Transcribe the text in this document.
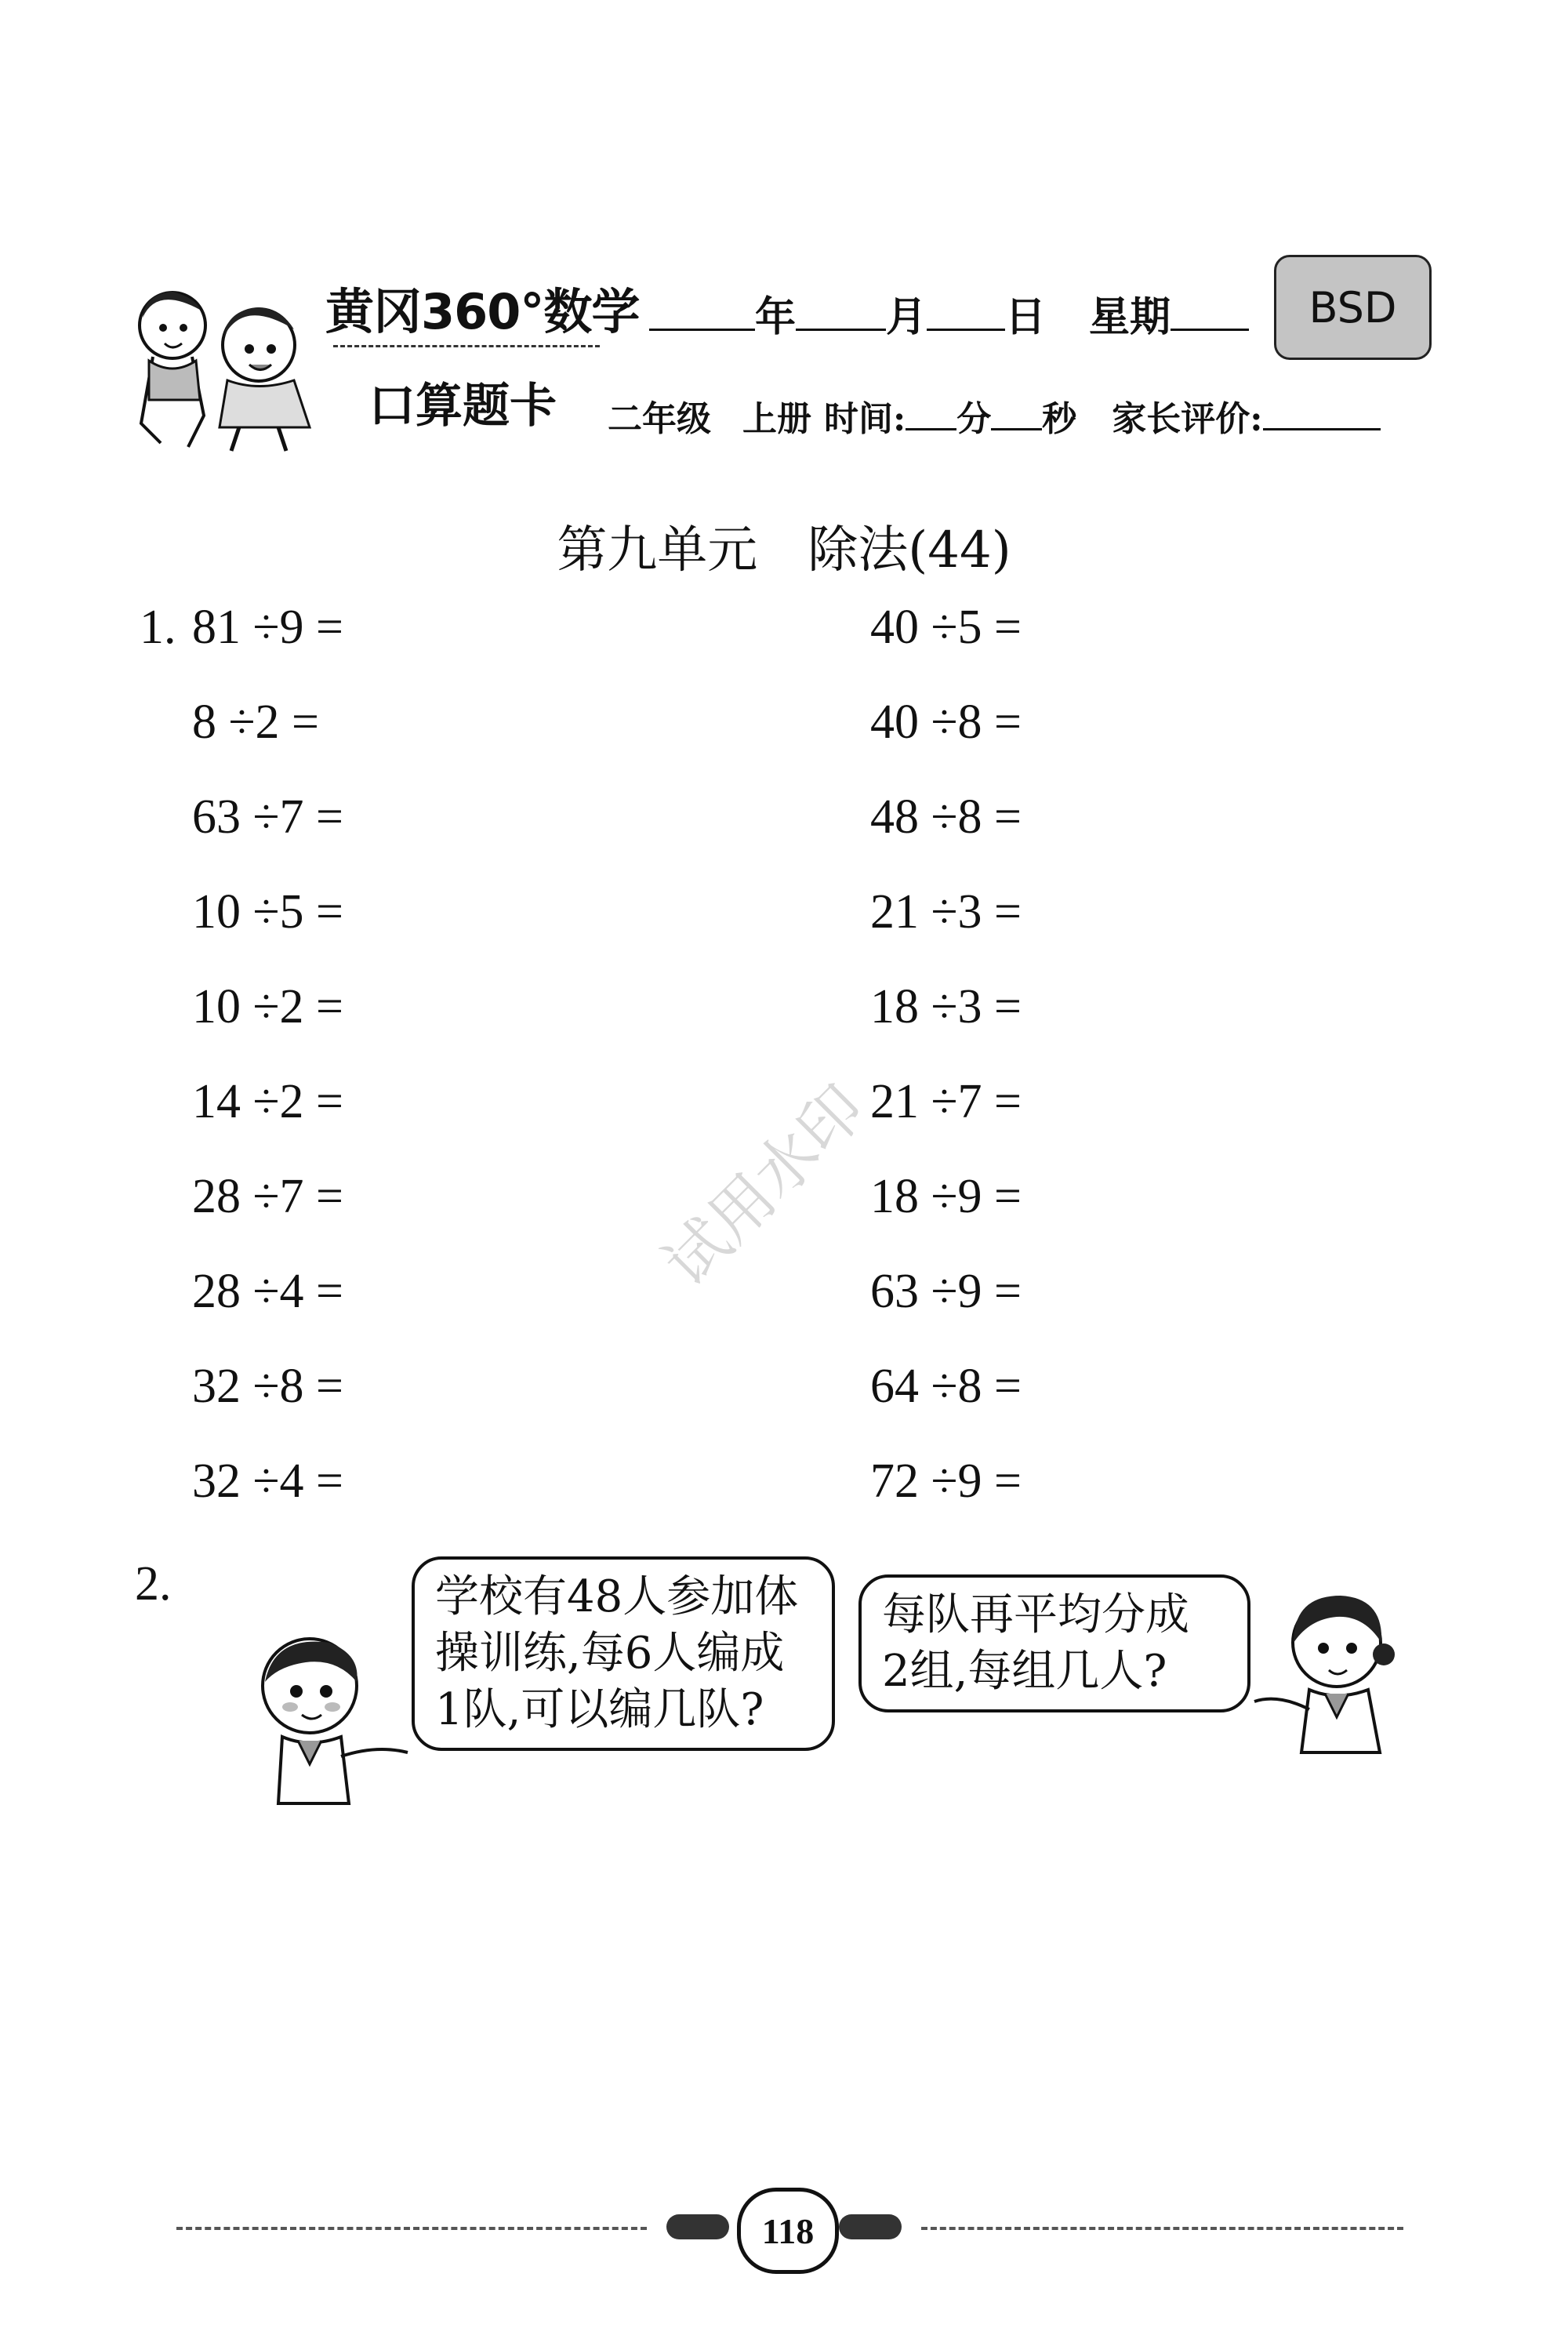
黄冈360°数学
口算题卡
年 月 日 星期	BSD
二年级 上册 时间: 分 秒 家长评价:
第九单元　除法(44)
1. 81 ÷9 =
8 ÷2 =
63 ÷7 =
10 ÷5 =
10 ÷2 =
14 ÷2 =
28 ÷7 =
28 ÷4 =
32 ÷8 =
32 ÷4 =
40 ÷5 =
40 ÷8 =
48 ÷8 =
21 ÷3 =
18 ÷3 =
21 ÷7 =
18 ÷9 =
63 ÷9 =
64 ÷8 =
72 ÷9 =
试用水印
2.	学校有48人参加体
操训练,每6人编成
1队,可以编几队?
每队再平均分成
2组,每组几人?
118
